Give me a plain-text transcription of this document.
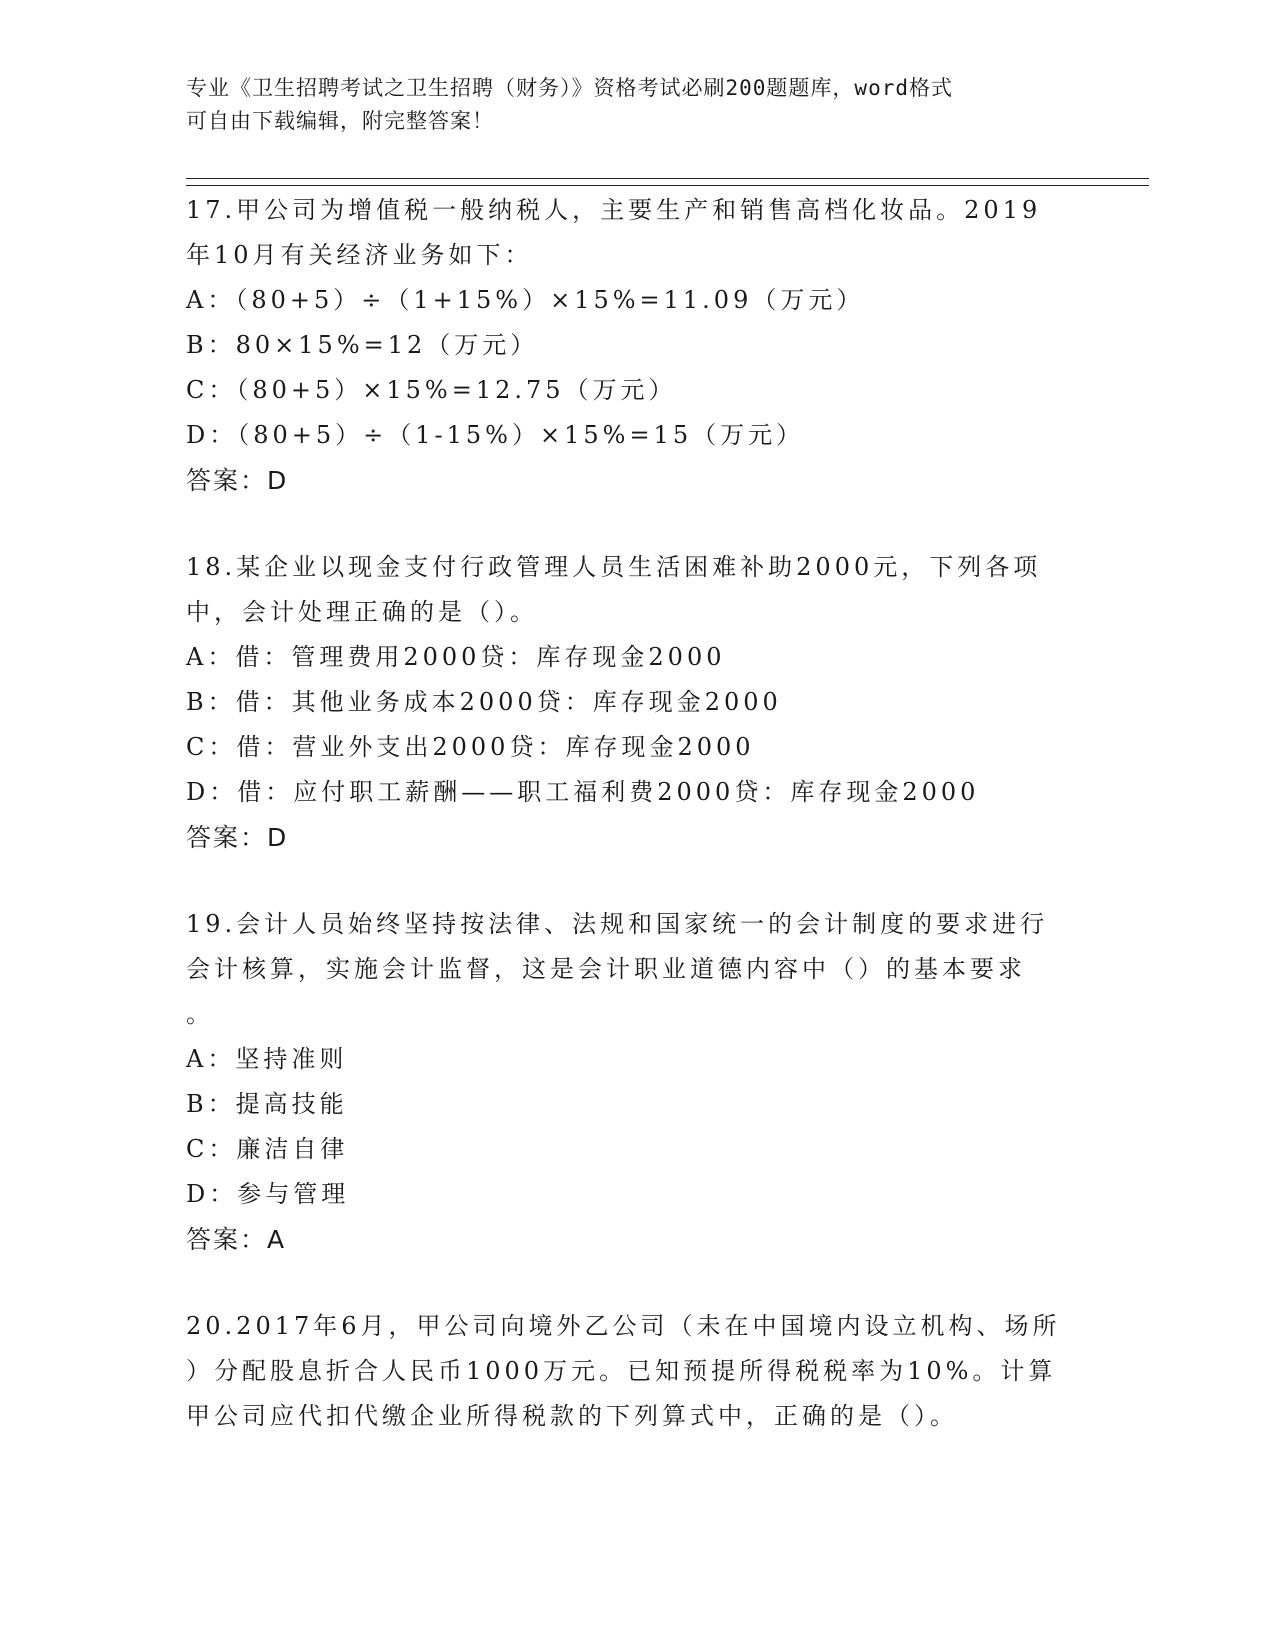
专业《卫生招聘考试之卫生招聘（财务）》资格考试必刷200题题库，word格式
可自由下载编辑，附完整答案！
17.甲公司为增值税一般纳税人，主要生产和销售高档化妆品。2019
年10月有关经济业务如下：
A：（80+5）÷（1+15%）×15%=11.09（万元）
B：80×15%=12（万元）
C：（80+5）×15%=12.75（万元）
D：（80+5）÷（1-15%）×15%=15（万元）
答案：D
18.某企业以现金支付行政管理人员生活困难补助2000元，下列各项
中，会计处理正确的是（）。
A：借：管理费用2000贷：库存现金2000
B：借：其他业务成本2000贷：库存现金2000
C：借：营业外支出2000贷：库存现金2000
D：借：应付职工薪酬——职工福利费2000贷：库存现金2000
答案：D
19.会计人员始终坚持按法律、法规和国家统一的会计制度的要求进行
会计核算，实施会计监督，这是会计职业道德内容中（）的基本要求
。
A：坚持准则
B：提高技能
C：廉洁自律
D：参与管理
答案：A
20.2017年6月，甲公司向境外乙公司（未在中国境内设立机构、场所
）分配股息折合人民币1000万元。已知预提所得税税率为10%。计算
甲公司应代扣代缴企业所得税款的下列算式中，正确的是（）。
